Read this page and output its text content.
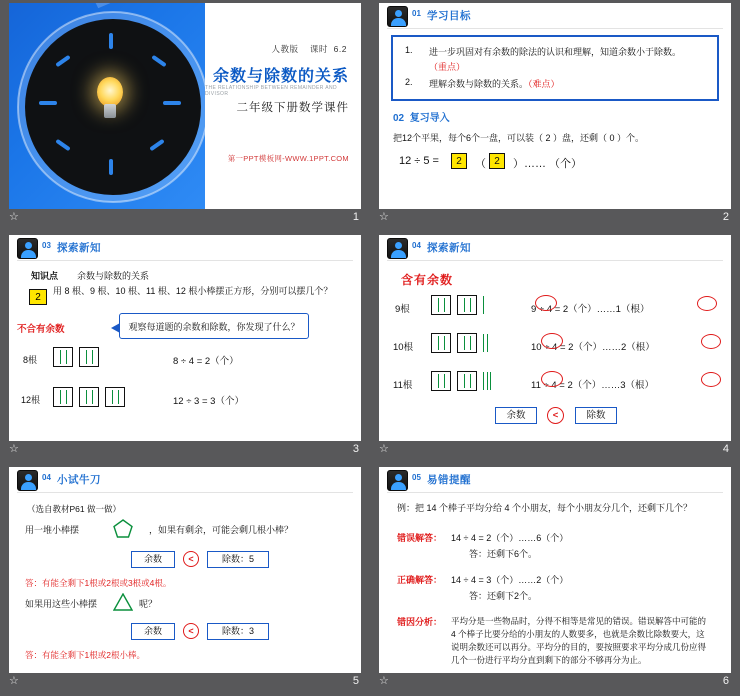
人教版 课时 6.2
余数与除数的关系
THE RELATIONSHIP BETWEEN REMAINDER AND DIVISOR
二年级下册数学课件
第一PPT模板网-WWW.1PPT.COM
☆	1
01 学习目标
1. 进一步巩固对有余数的除法的认识和理解，知道余数小于除数。（重点）
2. 理解余数与除数的关系。（难点）
02 复习导入
把12个平果，每个6个一盘，可以装（ 2 ）盘，还剩（ 0 ）个。
12 ÷ 5 =	2	（ 2	）…… （个）
☆	2
03 探索新知
知识点 余数与除数的关系
2
用 8 根、9 根、10 根、11 根、12 根小棒摆正方形，分别可以摆几个？
不合有余数	观察每道题的余数和除数，你发现了什么？
8根	8 ÷ 4 = 2（个）
12根	12 ÷ 3 = 3（个）
☆	3
04 探索新知
含有余数
9根	9 ÷ 4 = 2（个）……1（根）
10根	10 ÷ 4 = 2（个）……2（根）
11根	11 ÷ 4 = 2（个）……3（根）
余数	<	除数
☆	4
04 小试牛刀
（选自教材P61 做一做）
用一堆小棒摆	，如果有剩余，可能会剩几根小棒？
余数	<	除数：5
答：有能全剩下1根或2根或3根或4根。
如果用这些小棒摆	呢？
余数	<	除数：3
答：有能全剩下1根或2根小棒。
☆	5
05 易错提醒
例：把 14 个棒子平均分给 4 个小朋友，每个小朋友分几个，还剩下几个？
错误解答： 14 ÷ 4 = 2（个）……6（个）
答：还剩下6个。
正确解答： 14 ÷ 4 = 3（个）……2（个）
答：还剩下2个。
错因分析： 平均分是一些物品时，分得不相等是常见的错误。错误解答中可能的 4 个棒子比要分给的小朋友的人数要多，也就是余数比除数要大，这说明余数还可以再分。平均分的目的，要按照要求平均分成几份应得几个一份进行平均分直到剩下的部分不够再分为止。
☆	6
